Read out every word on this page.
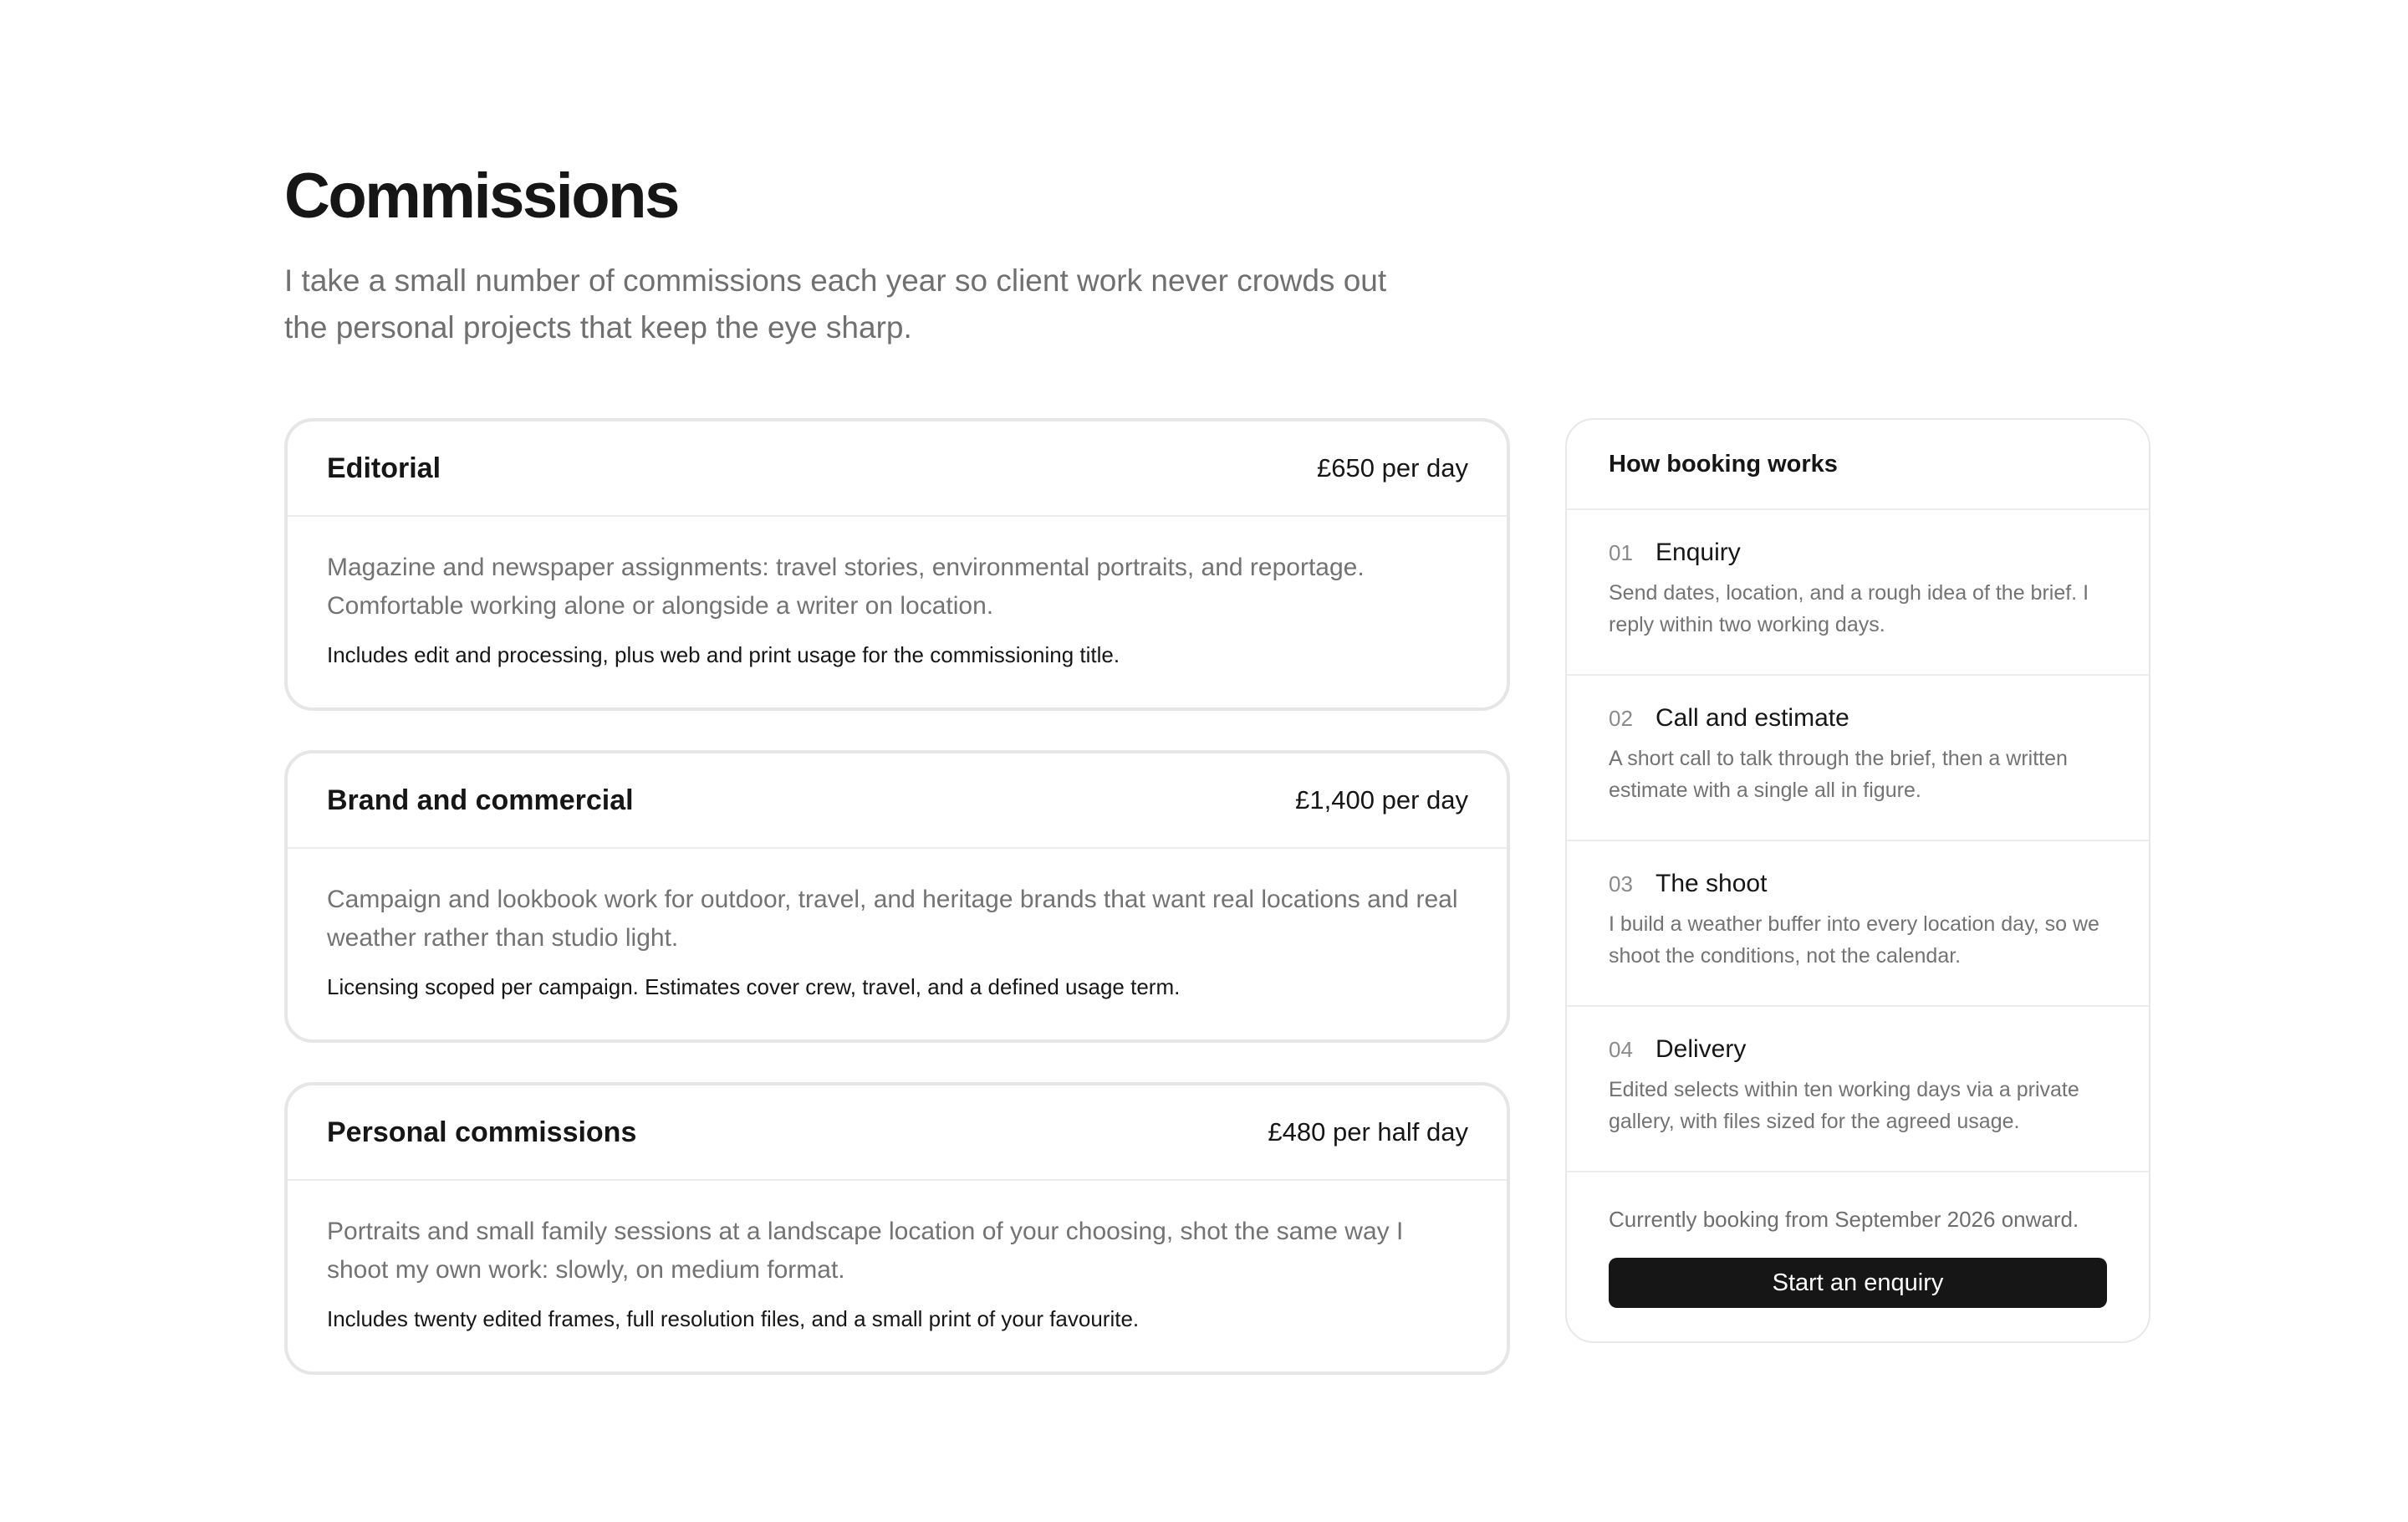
Commissions

I take a small number of commissions each year so client work never crowds out the personal projects that keep the eye sharp.

Editorial	£650 per day

Magazine and newspaper assignments: travel stories, environmental portraits, and reportage. Comfortable working alone or alongside a writer on location.

Includes edit and processing, plus web and print usage for the commissioning title.

Brand and commercial	£1,400 per day

Campaign and lookbook work for outdoor, travel, and heritage brands that want real locations and real weather rather than studio light.

Licensing scoped per campaign. Estimates cover crew, travel, and a defined usage term.

Personal commissions	£480 per half day

Portraits and small family sessions at a landscape location of your choosing, shot the same way I shoot my own work: slowly, on medium format.

Includes twenty edited frames, full resolution files, and a small print of your favourite.

How booking works
01 Enquiry

Send dates, location, and a rough idea of the brief. I reply within two working days.

02 Call and estimate

A short call to talk through the brief, then a written estimate with a single all in figure.

03 The shoot

I build a weather buffer into every location day, so we shoot the conditions, not the calendar.

04 Delivery

Edited selects within ten working days via a private gallery, with files sized for the agreed usage.

Currently booking from September 2026 onward.

Start an enquiry
